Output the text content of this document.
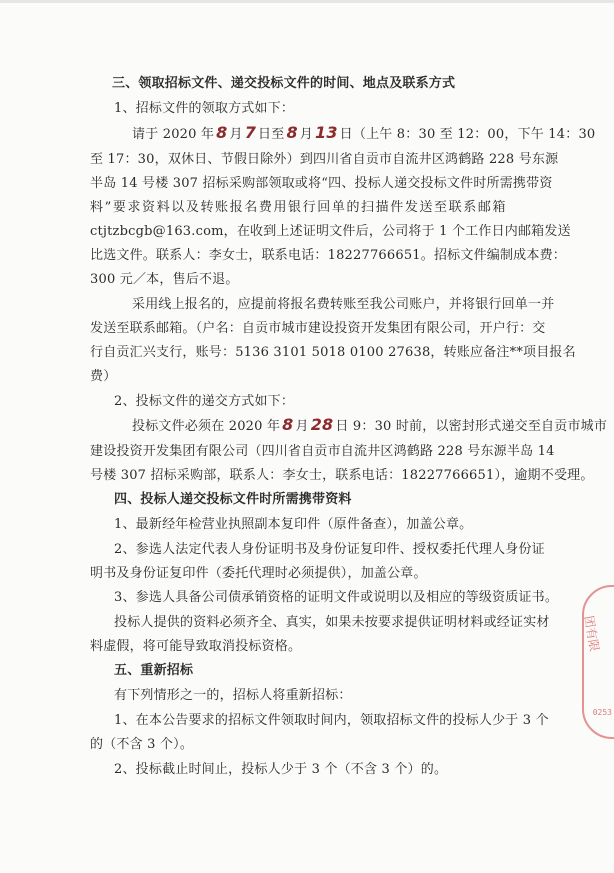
三、领取招标文件、递交投标文件的时间、地点及联系方式

1、招标文件的领取方式如下：

请于 2020 年 8 月 7 日至 8 月 13 日（上午 8：30 至 12：00，下午 14：30

至 17：30，双休日、节假日除外）到四川省自贡市自流井区鸿鹤路 228 号东源

半岛 14 号楼 307 招标采购部领取或将“四、投标人递交投标文件时所需携带资

料”要求资料以及转账报名费用银行回单的扫描件发送至联系邮箱

ctjtzbcgb@163.com，在收到上述证明文件后，公司将于 1 个工作日内邮箱发送

比选文件。联系人：李女士，联系电话：18227766651。招标文件编制成本费：

300 元／本，售后不退。

采用线上报名的，应提前将报名费转账至我公司账户，并将银行回单一并

发送至联系邮箱。（户名：自贡市城市建设投资开发集团有限公司，开户行：交

行自贡汇兴支行，账号：5136 3101 5018 0100 27638，转账应备注**项目报名

费）

2、投标文件的递交方式如下：

投标文件必须在 2020 年 8 月 28 日 9：30 时前，以密封形式递交至自贡市城市

建设投资开发集团有限公司（四川省自贡市自流井区鸿鹤路 228 号东源半岛 14

号楼 307 招标采购部，联系人：李女士，联系电话：18227766651），逾期不受理。

四、投标人递交投标文件时所需携带资料

1、最新经年检营业执照副本复印件（原件备查），加盖公章。

2、参选人法定代表人身份证明书及身份证复印件、授权委托代理人身份证

明书及身份证复印件（委托代理时必须提供），加盖公章。

3、参选人具备公司债承销资格的证明文件或说明以及相应的等级资质证书。

投标人提供的资料必须齐全、真实，如果未按要求提供证明材料或经证实材

料虚假，将可能导致取消投标资格。

五、重新招标

有下列情形之一的，招标人将重新招标：

1、在本公告要求的招标文件领取时间内，领取招标文件的投标人少于 3 个

的（不含 3 个）。

2、投标截止时间止，投标人少于 3 个（不含 3 个）的。

团有限
0253
